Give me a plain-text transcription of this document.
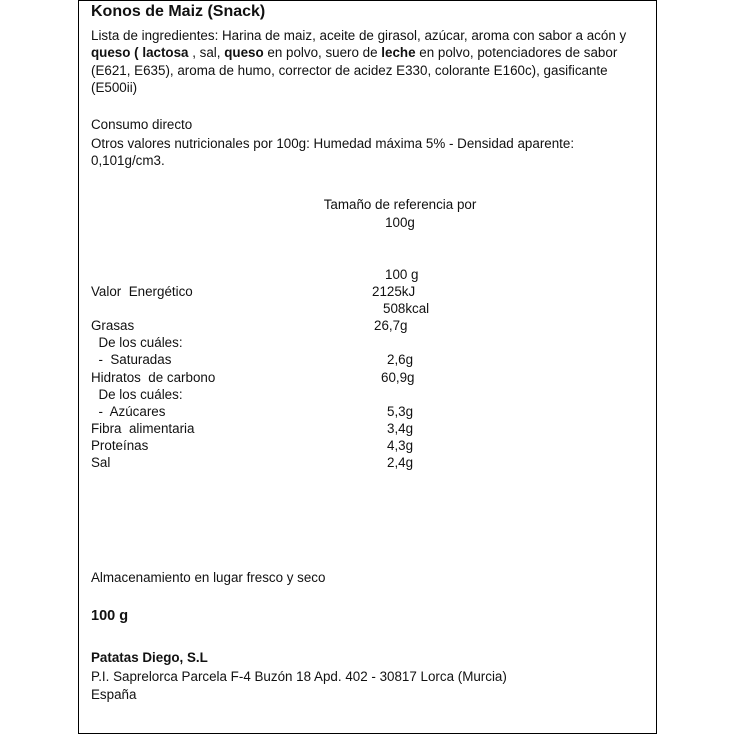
Konos de Maiz (Snack)
Lista de ingredientes: Harina de maiz, aceite de girasol, azúcar, aroma con sabor a acón y queso ( lactosa , sal, queso en polvo, suero de leche en polvo, potenciadores de sabor (E621, E635), aroma de humo, corrector de acidez E330, colorante E160c), gasificante (E500ii)
Consumo directo
Otros valores nutricionales por 100g: Humedad máxima 5% - Densidad aparente: 0,101g/cm3.
Tamaño de referencia por
100g
100 g
Valor  Energético	2125kJ
508kcal
Grasas	26,7g
De los cuáles:
-  Saturadas	2,6g
Hidratos  de carbono	60,9g
De los cuáles:
-  Azúcares	5,3g
Fibra  alimentaria	3,4g
Proteínas	4,3g
Sal	2,4g
Almacenamiento en lugar fresco y seco
100 g
Patatas Diego, S.L
P.I. Saprelorca Parcela F-4 Buzón 18 Apd. 402 - 30817 Lorca (Murcia)
España
